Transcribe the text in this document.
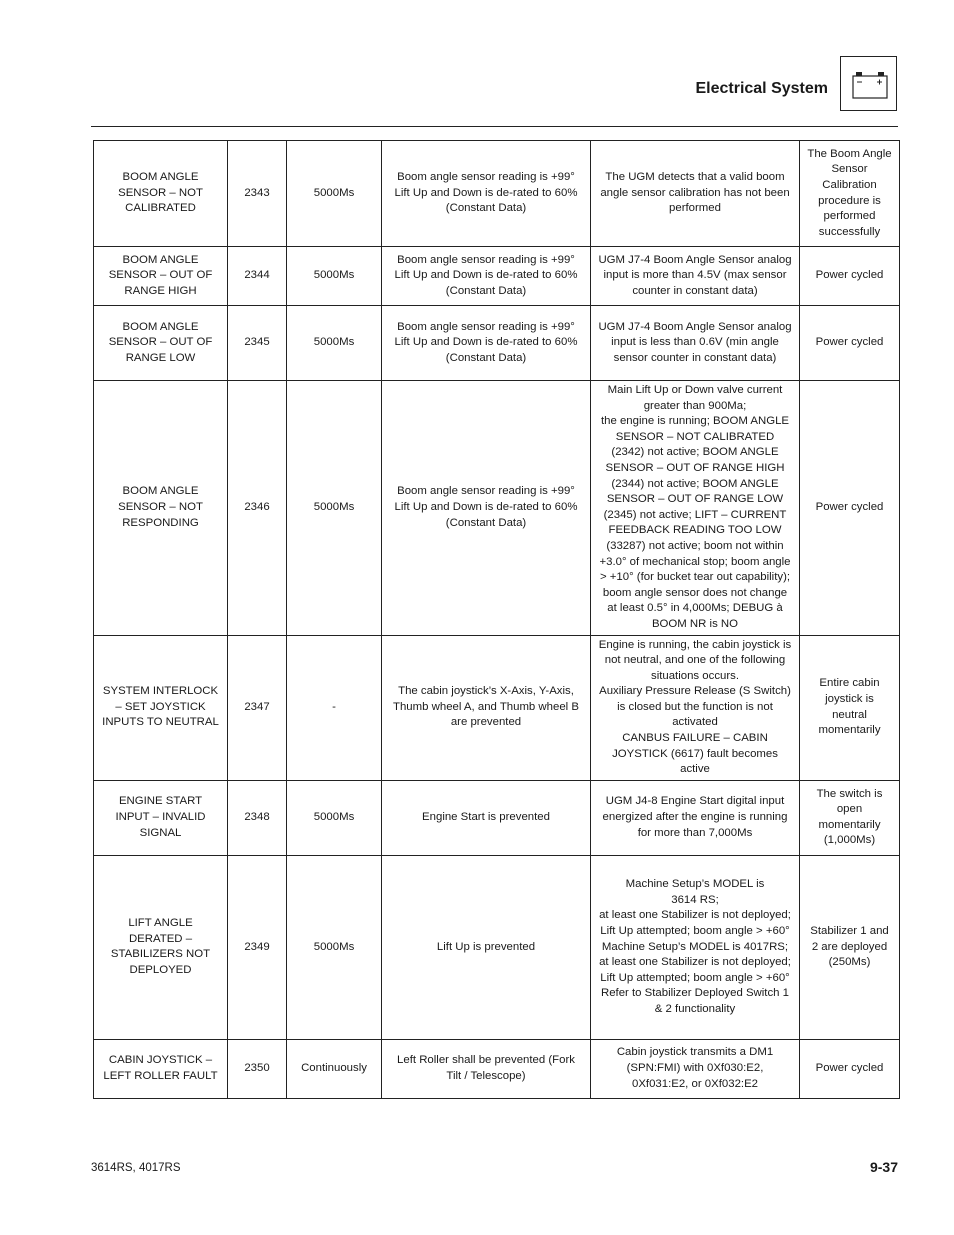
Electrical System
BOOM ANGLE SENSOR – NOT CALIBRATED	2343	5000Ms	Boom angle sensor reading is +99° Lift Up and Down is de-rated to 60% (Constant Data)	The UGM detects that a valid boom angle sensor calibration has not been performed	The Boom Angle Sensor Calibration procedure is performed successfully
BOOM ANGLE SENSOR – OUT OF RANGE HIGH	2344	5000Ms	Boom angle sensor reading is +99° Lift Up and Down is de-rated to 60% (Constant Data)	UGM J7-4 Boom Angle Sensor analog input is more than 4.5V (max sensor counter in constant data)	Power cycled
BOOM ANGLE SENSOR – OUT OF RANGE LOW	2345	5000Ms	Boom angle sensor reading is +99° Lift Up and Down is de-rated to 60% (Constant Data)	UGM J7-4 Boom Angle Sensor analog input is less than 0.6V (min angle sensor counter in constant data)	Power cycled
BOOM ANGLE SENSOR – NOT RESPONDING	2346	5000Ms	Boom angle sensor reading is +99° Lift Up and Down is de-rated to 60% (Constant Data)	Main Lift Up or Down valve current greater than 900Ma;
the engine is running; BOOM ANGLE SENSOR – NOT CALIBRATED (2342) not active; BOOM ANGLE SENSOR – OUT OF RANGE HIGH (2344) not active; BOOM ANGLE SENSOR – OUT OF RANGE LOW (2345) not active; LIFT – CURRENT FEEDBACK READING TOO LOW (33287) not active; boom not within +3.0° of mechanical stop; boom angle > +10° (for bucket tear out capability); boom angle sensor does not change at least 0.5° in 4,000Ms; DEBUG à BOOM NR is NO	Power cycled
SYSTEM INTERLOCK – SET JOYSTICK INPUTS TO NEUTRAL	2347	-	The cabin joystick’s X-Axis, Y-Axis, Thumb wheel A, and Thumb wheel B are prevented	Engine is running, the cabin joystick is not neutral, and one of the following situations occurs.
Auxiliary Pressure Release (S Switch) is closed but the function is not activated
CANBUS FAILURE – CABIN JOYSTICK (6617) fault becomes active	Entire cabin joystick is neutral momentarily
ENGINE START INPUT – INVALID SIGNAL	2348	5000Ms	Engine Start is prevented	UGM J4-8 Engine Start digital input energized after the engine is running for more than 7,000Ms	The switch is open momentarily (1,000Ms)
LIFT ANGLE DERATED – STABILIZERS NOT DEPLOYED	2349	5000Ms	Lift Up is prevented	Machine Setup’s MODEL is
3614 RS;
at least one Stabilizer is not deployed; Lift Up attempted; boom angle > +60°
Machine Setup’s MODEL is 4017RS; at least one Stabilizer is not deployed; Lift Up attempted; boom angle > +60°
Refer to Stabilizer Deployed Switch 1 & 2 functionality	Stabilizer 1 and 2 are deployed (250Ms)
CABIN JOYSTICK – LEFT ROLLER FAULT	2350	Continuously	Left Roller shall be prevented (Fork Tilt / Telescope)	Cabin joystick transmits a DM1 (SPN:FMI) with 0Xf030:E2, 0Xf031:E2, or 0Xf032:E2	Power cycled
3614RS, 4017RS	9-37
